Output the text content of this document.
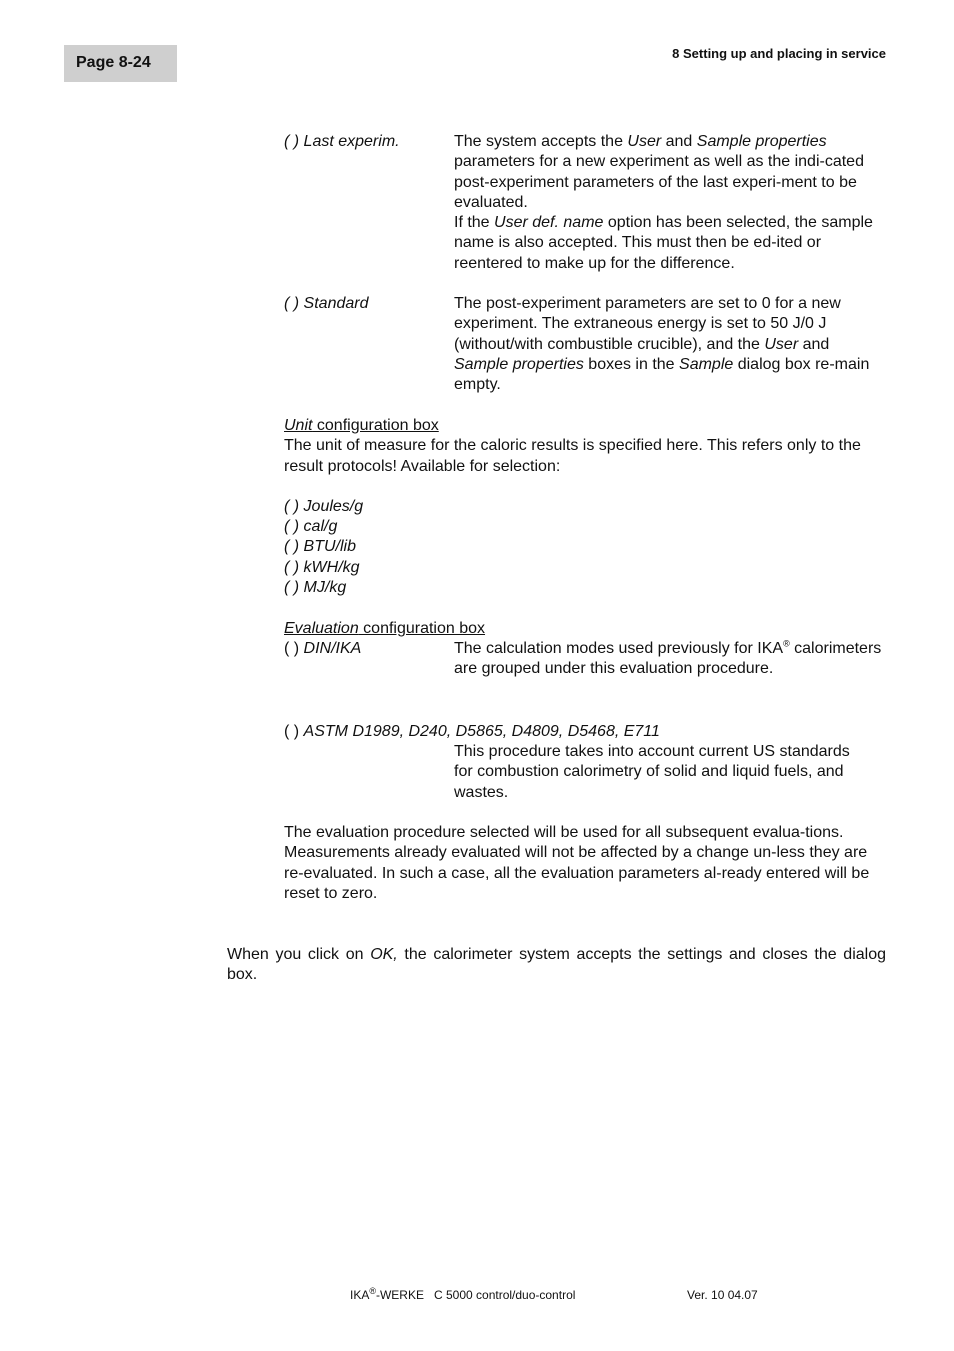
Page 8-24
8 Setting up and placing in service
( ) Last experim.	The system accepts the User and Sample properties parameters for a new experiment as well as the indi-cated post-experiment parameters of the last experi-ment to be evaluated.
If the User def. name option has been selected, the sample name is also accepted. This must then be ed-ited or reentered to make up for the difference.
( ) Standard	The post-experiment parameters are set to 0 for a new experiment. The extraneous energy is set to 50 J/0 J (without/with combustible crucible), and the User and Sample properties boxes in the Sample dialog box re-main empty.
Unit configuration box
The unit of measure for the caloric results is specified here. This refers only to the result protocols! Available for selection:
( ) Joules/g
( ) cal/g
( ) BTU/lib
( ) kWH/kg
( ) MJ/kg
Evaluation configuration box
( ) DIN/IKA	The calculation modes used previously for IKA® calorimeters are grouped under this evaluation procedure.
( ) ASTM D1989, D240, D5865, D4809, D5468, E711
This procedure takes into account current US standards for combustion calorimetry of solid and liquid fuels, and wastes.
The evaluation procedure selected will be used for all subsequent evalua-tions. Measurements already evaluated will not be affected by a change un-less they are re-evaluated. In such a case, all the evaluation parameters al-ready entered will be reset to zero.
When you click on OK, the calorimeter system accepts the settings and closes the dialog box.
IKA®-WERKE   C 5000 control/duo-control	Ver. 10 04.07
